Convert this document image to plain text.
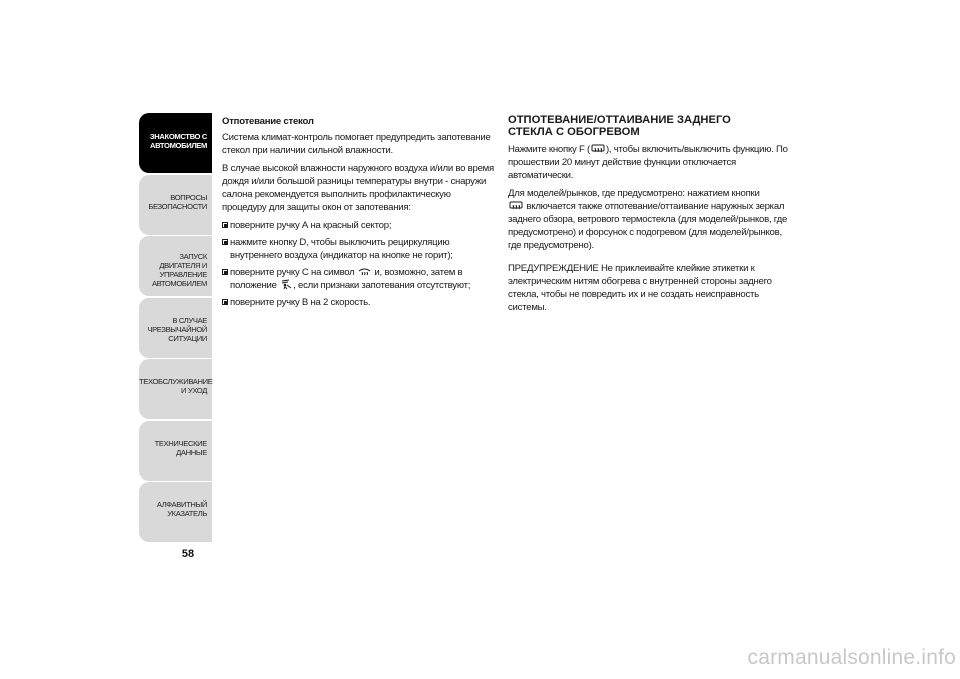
ЗНАКОМСТВО С
АВТОМОБИЛЕМ
ВОПРОСЫ
БЕЗОПАСНОСТИ
ЗАПУСК ДВИГАТЕЛЯ И
УПРАВЛЕНИЕ
АВТОМОБИЛЕМ
В СЛУЧАЕ
ЧРЕЗВЫЧАЙНОЙ
СИТУАЦИИ
ТЕХОБСЛУЖИВАНИЕ
И УХОД
ТЕХНИЧЕСКИЕ
ДАННЫЕ
АЛФАВИТНЫЙ
УКАЗАТЕЛЬ
58

Отпотевание стекол

Система климат-контроль помогает предупредить запотевание стекол при наличии сильной влажности.

В случае высокой влажности наружного воздуха и/или во время дождя и/или большой разницы температуры внутри - снаружи салона рекомендуется выполнить профилактическую процедуру для защиты окон от запотевания:

поверните ручку А на красный сектор;
нажмите кнопку D, чтобы выключить рециркуляцию внутреннего воздуха (индикатор на кнопке не горит);
поверните ручку С на символ и, возможно, затем в положение , если признаки запотевания отсутствуют;
поверните ручку В на 2 скорость.

ОТПОТЕВАНИЕ/ОТТАИВАНИЕ ЗАДНЕГО
СТЕКЛА С ОБОГРЕВОМ

Нажмите кнопку F ( ), чтобы включить/выключить функцию. По прошествии 20 минут действие функции отключается автоматически.

Для моделей/рынков, где предусмотрено: нажатием кнопки
включается также отпотевание/оттаивание наружных зеркал заднего обзора, ветрового термостекла (для моделей/рынков, где предусмотрено) и форсунок с подогревом (для моделей/рынков, где предусмотрено).

ПРЕДУПРЕЖДЕНИЕ Не приклеивайте клейкие этикетки к электрическим нитям обогрева с внутренней стороны заднего стекла, чтобы не повредить их и не создать неисправность системы.

carmanualsonline.info
